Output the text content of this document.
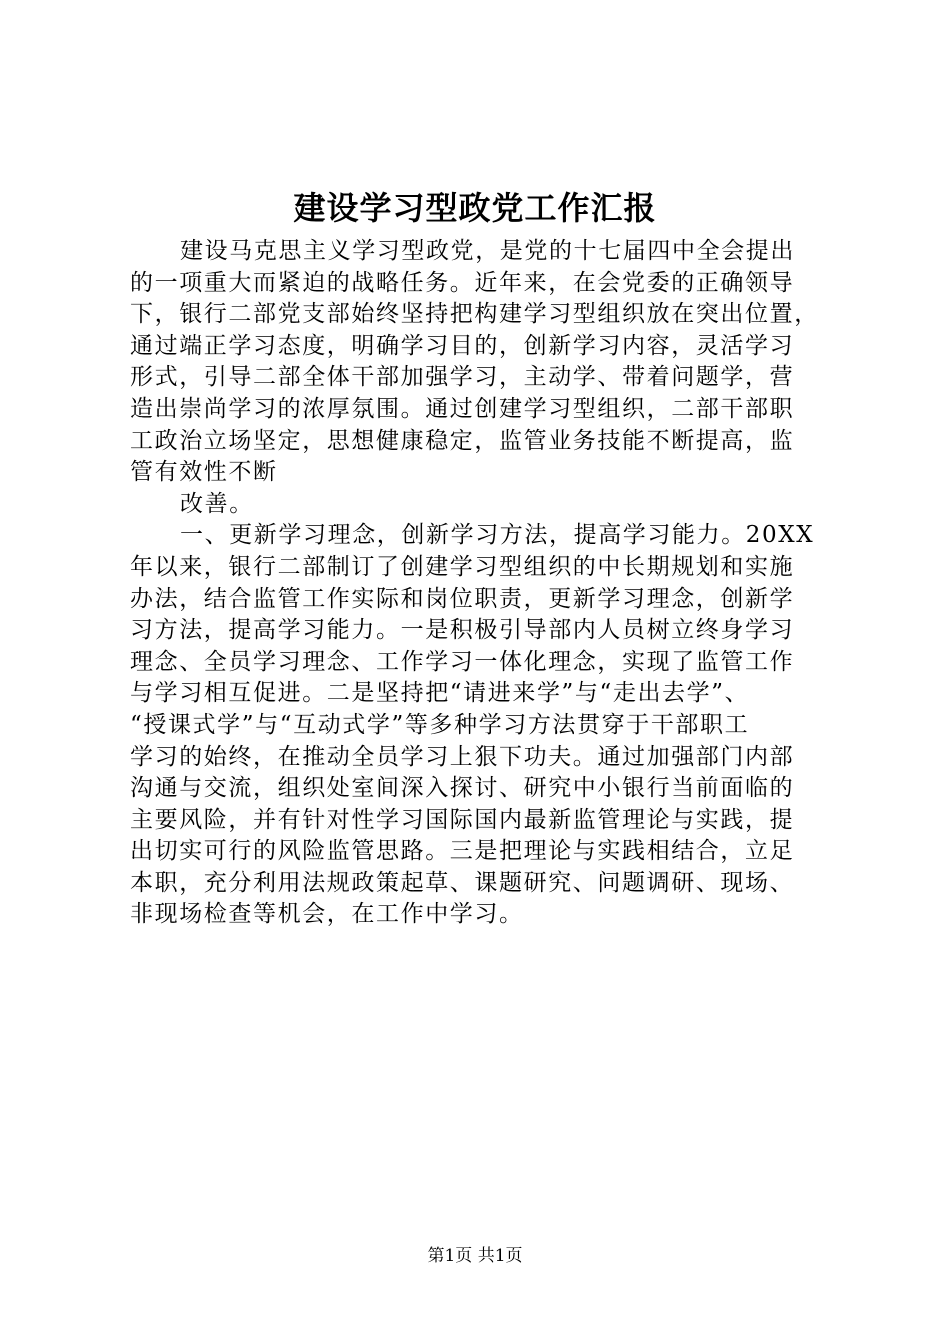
建设学习型政党工作汇报
建设马克思主义学习型政党，是党的十七届四中全会提出
的一项重大而紧迫的战略任务。近年来，在会党委的正确领导
下，银行二部党支部始终坚持把构建学习型组织放在突出位置，
通过端正学习态度，明确学习目的，创新学习内容，灵活学习
形式，引导二部全体干部加强学习，主动学、带着问题学，营
造出崇尚学习的浓厚氛围。通过创建学习型组织，二部干部职
工政治立场坚定，思想健康稳定，监管业务技能不断提高，监
管有效性不断
改善。
一、更新学习理念，创新学习方法，提高学习能力。20XX
年以来，银行二部制订了创建学习型组织的中长期规划和实施
办法，结合监管工作实际和岗位职责，更新学习理念，创新学
习方法，提高学习能力。一是积极引导部内人员树立终身学习
理念、全员学习理念、工作学习一体化理念，实现了监管工作
与学习相互促进。二是坚持把“请进来学”与“走出去学”、
“授课式学”与“互动式学”等多种学习方法贯穿于干部职工
学习的始终，在推动全员学习上狠下功夫。通过加强部门内部
沟通与交流，组织处室间深入探讨、研究中小银行当前面临的
主要风险，并有针对性学习国际国内最新监管理论与实践，提
出切实可行的风险监管思路。三是把理论与实践相结合，立足
本职，充分利用法规政策起草、课题研究、问题调研、现场、
非现场检查等机会，在工作中学习。
第1页 共1页
